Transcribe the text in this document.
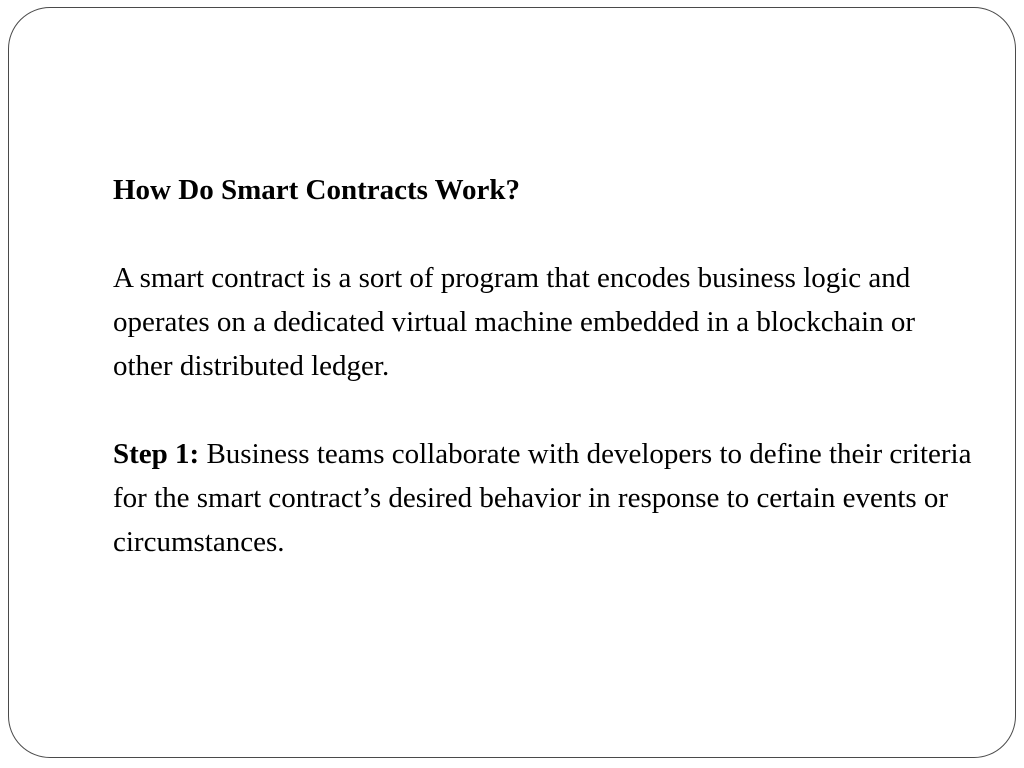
How Do Smart Contracts Work?

A smart contract is a sort of program that encodes business logic and operates on a dedicated virtual machine embedded in a blockchain or other distributed ledger.

Step 1: Business teams collaborate with developers to define their criteria for the smart contract’s desired behavior in response to certain events or circumstances.
